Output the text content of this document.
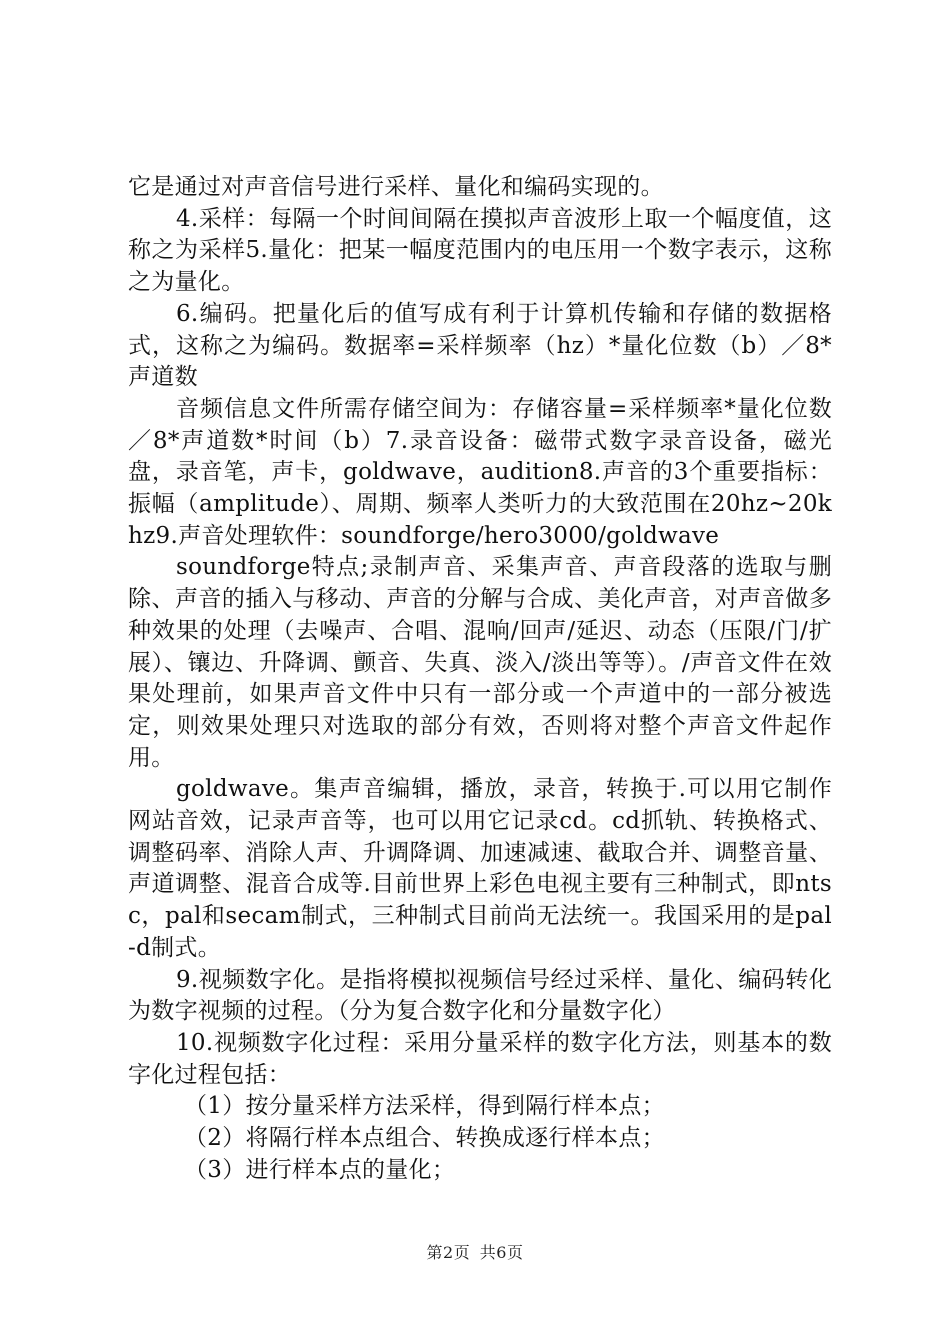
它是通过对声音信号进行采样、量化和编码实现的。

4.采样：每隔一个时间间隔在摸拟声音波形上取一个幅度值，这称之为采样5.量化：把某一幅度范围内的电压用一个数字表示，这称之为量化。

6.编码。把量化后的值写成有利于计算机传输和存储的数据格式，这称之为编码。数据率=采样频率（hz）*量化位数（b）／8*声道数

音频信息文件所需存储空间为：存储容量=采样频率*量化位数／8*声道数*时间（b）7.录音设备：磁带式数字录音设备，磁光盘，录音笔，声卡，goldwave，audition8.声音的3个重要指标：振幅（amplitude）、周期、频率人类听力的大致范围在20hz~20khz9.声音处理软件：soundforge/hero3000/goldwave

soundforge特点;录制声音、采集声音、声音段落的选取与删除、声音的插入与移动、声音的分解与合成、美化声音，对声音做多种效果的处理（去噪声、合唱、混响/回声/延迟、动态（压限/门/扩展）、镶边、升降调、颤音、失真、淡入/淡出等等）。/声音文件在效果处理前，如果声音文件中只有一部分或一个声道中的一部分被选定，则效果处理只对选取的部分有效，否则将对整个声音文件起作用。

goldwave。集声音编辑，播放，录音，转换于.可以用它制作网站音效，记录声音等，也可以用它记录cd。cd抓轨、转换格式、调整码率、消除人声、升调降调、加速减速、截取合并、调整音量、声道调整、混音合成等.目前世界上彩色电视主要有三种制式，即ntsc，pal和secam制式，三种制式目前尚无法统一。我国采用的是pal-d制式。

9.视频数字化。是指将模拟视频信号经过采样、量化、编码转化为数字视频的过程。（分为复合数字化和分量数字化）

10.视频数字化过程：采用分量采样的数字化方法，则基本的数字化过程包括：

（1）按分量采样方法采样，得到隔行样本点；

（2）将隔行样本点组合、转换成逐行样本点；

（3）进行样本点的量化；

第2页 共6页
